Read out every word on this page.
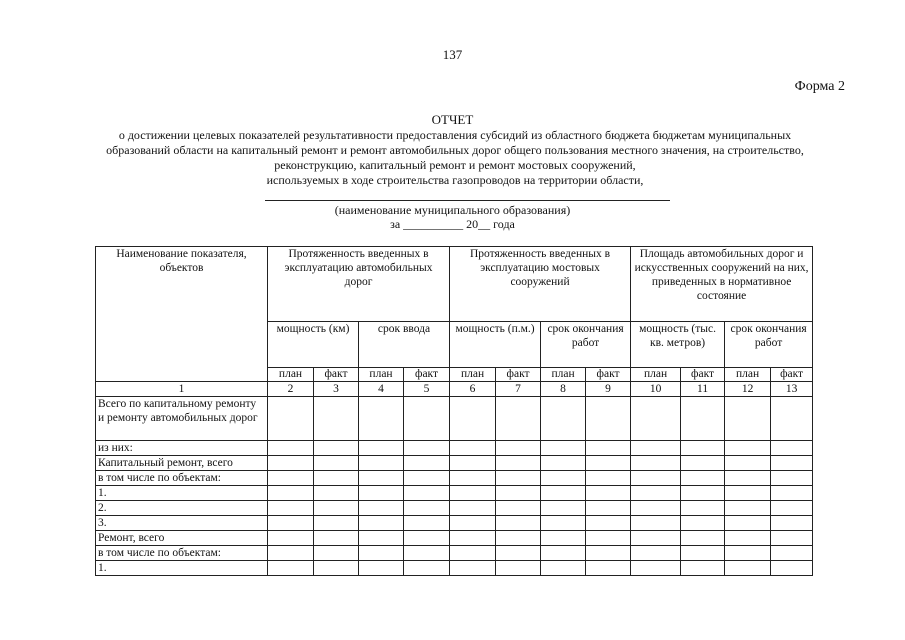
137
Форма 2
ОТЧЕТ
о достижении целевых показателей результативности предоставления субсидий из областного бюджета бюджетам муниципальных
образований области на капитальный ремонт и ремонт автомобильных дорог общего пользования местного значения, на строительство,
реконструкцию, капитальный ремонт и ремонт мостовых сооружений,
используемых в ходе строительства газопроводов на территории области,
(наименование муниципального образования)
за __________ 20__ года
Наименование показателя, объектов	Протяженность введенных в эксплуатацию автомобильных дорог				Протяженность введенных в эксплуатацию мостовых сооружений				Площадь автомобильных дорог и искусственных сооружений на них, приведенных в нормативное состояние			
	мощность (км)		срок ввода		мощность (п.м.)		срок окончания работ		мощность (тыс. кв. метров)		срок окончания работ	
	план	факт	план	факт	план	факт	план	факт	план	факт	план	факт
1	2	3	4	5	6	7	8	9	10	11	12	13
Всего по капитальному ремонту и ремонту автомобильных дорог												
из них:												
Капитальный ремонт, всего												
в том числе по объектам:												
1.												
2.												
3.												
Ремонт, всего												
в том числе по объектам:												
1.												
